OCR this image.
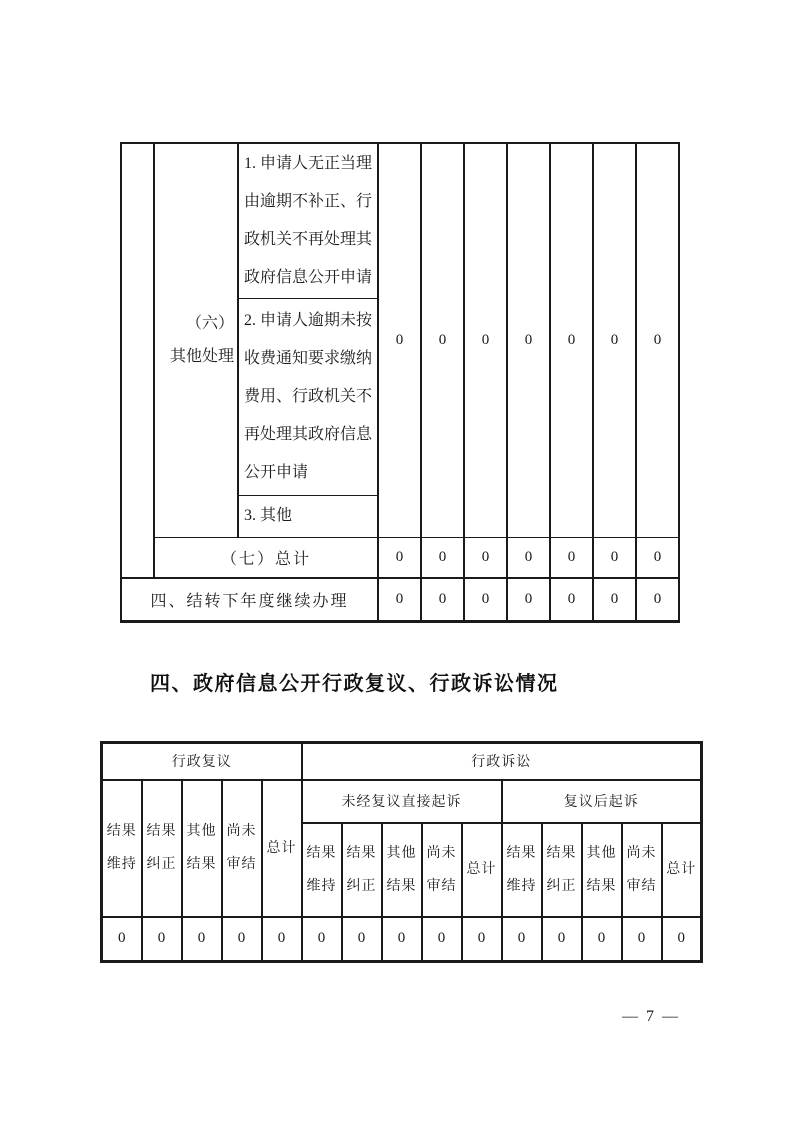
	（六）
其他处理	1. 申请人无正当理由逾期不补正、行政机关不再处理其政府信息公开申请	0	0	0	0	0	0	0
		2. 申请人逾期未按收费通知要求缴纳费用、行政机关不再处理其政府信息公开申请							
		3. 其他							
	（七）总计		0	0	0	0	0	0	0
四、结转下年度继续办理			0	0	0	0	0	0	0
四、政府信息公开行政复议、行政诉讼情况
行政复议					行政诉讼									
结果维持	结果纠正	其他结果	尚未审结	总计	未经复议直接起诉					复议后起诉				
					结果维持	结果纠正	其他结果	尚未审结	总计	结果维持	结果纠正	其他结果	尚未审结	总计
0	0	0	0	0	0	0	0	0	0	0	0	0	0	0
— 7 —
